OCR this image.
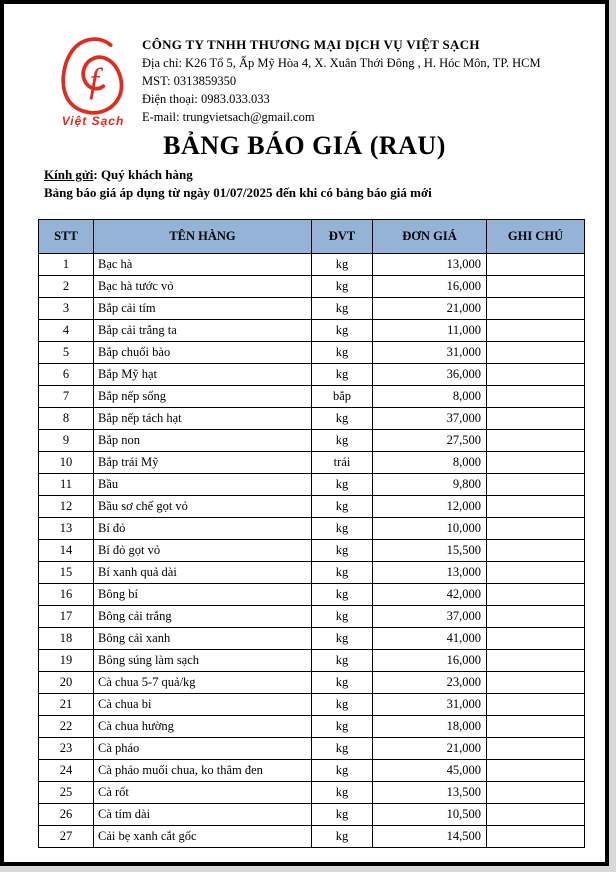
f
Việt Sạch
CÔNG TY TNHH THƯƠNG MẠI DỊCH VỤ VIỆT SẠCH
Địa chỉ: K26 Tổ 5, Ấp Mỹ Hòa 4, X. Xuân Thới Đông , H. Hóc Môn, TP. HCM
MST: 0313859350
Điện thoại: 0983.033.033
E-mail: trungvietsach@gmail.com
BẢNG BÁO GIÁ (RAU)
Kính gửi: Quý khách hàng
Bảng báo giá áp dụng từ ngày 01/07/2025 đến khi có bảng báo giá mới
STT	TÊN HÀNG	ĐVT	ĐƠN GIÁ	GHI CHÚ
1	Bạc hà	kg	13,000	
2	Bạc hà tước vỏ	kg	16,000	
3	Bắp cải tím	kg	21,000	
4	Bắp cải trắng ta	kg	11,000	
5	Bắp chuối bào	kg	31,000	
6	Bắp Mỹ hạt	kg	36,000	
7	Bắp nếp sống	bắp	8,000	
8	Bắp nếp tách hạt	kg	37,000	
9	Bắp non	kg	27,500	
10	Bắp trái Mỹ	trái	8,000	
11	Bầu	kg	9,800	
12	Bầu sơ chế gọt vỏ	kg	12,000	
13	Bí đỏ	kg	10,000	
14	Bí đỏ gọt vỏ	kg	15,500	
15	Bí xanh quả dài	kg	13,000	
16	Bông bí	kg	42,000	
17	Bông cải trắng	kg	37,000	
18	Bông cải xanh	kg	41,000	
19	Bông súng làm sạch	kg	16,000	
20	Cà chua 5-7 quả/kg	kg	23,000	
21	Cà chua bi	kg	31,000	
22	Cà chua hường	kg	18,000	
23	Cà pháo	kg	21,000	
24	Cà pháo muối chua, ko thâm đen	kg	45,000	
25	Cà rốt	kg	13,500	
26	Cà tím dài	kg	10,500	
27	Cải bẹ xanh cắt gốc	kg	14,500	
